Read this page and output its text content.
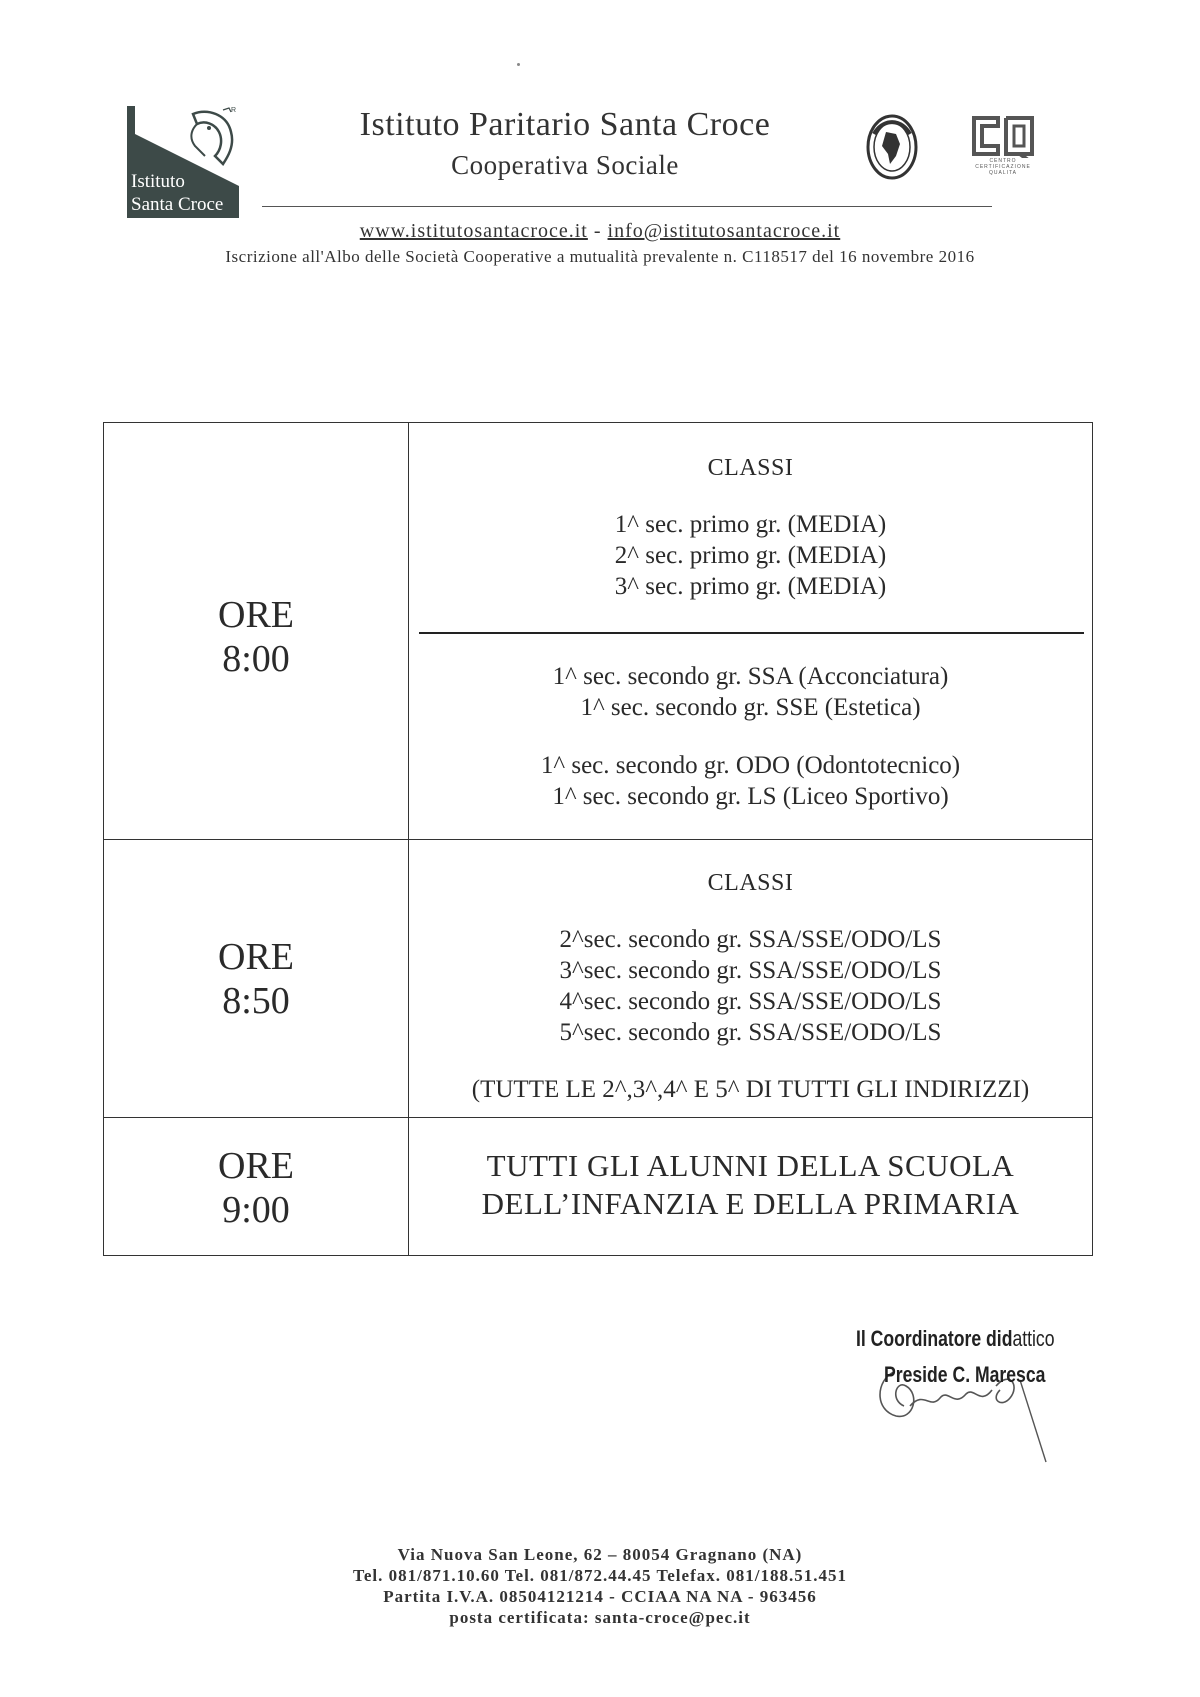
R
Istituto
Santa Croce
Istituto Paritario Santa Croce
Cooperativa Sociale	CENTRO
CERTIFICAZIONE
QUALITA
www.istitutosantacroce.it - info@istitutosantacroce.it
Iscrizione all'Albo delle Società Cooperative a mutualità prevalente n. C118517 del 16 novembre 2016
ORE
8:00
CLASSI
1^ sec. primo gr. (MEDIA)
2^ sec. primo gr. (MEDIA)
3^ sec. primo gr. (MEDIA)
1^ sec. secondo gr. SSA (Acconciatura)
1^ sec. secondo gr. SSE (Estetica)
1^ sec. secondo gr. ODO (Odontotecnico)
1^ sec. secondo gr. LS (Liceo Sportivo)
ORE
8:50
CLASSI
2^sec. secondo gr. SSA/SSE/ODO/LS
3^sec. secondo gr. SSA/SSE/ODO/LS
4^sec. secondo gr. SSA/SSE/ODO/LS
5^sec. secondo gr. SSA/SSE/ODO/LS
(TUTTE LE 2^,3^,4^ E 5^ DI TUTTI GLI INDIRIZZI)
ORE
9:00
TUTTI GLI ALUNNI DELLA SCUOLA
DELL’INFANZIA E DELLA PRIMARIA
Il Coordinatore didattico
Preside C. Maresca
Via Nuova San Leone, 62 – 80054 Gragnano (NA)
Tel. 081/871.10.60 Tel. 081/872.44.45 Telefax. 081/188.51.451
Partita I.V.A. 08504121214 - CCIAA NA NA - 963456
posta certificata: santa-croce@pec.it
